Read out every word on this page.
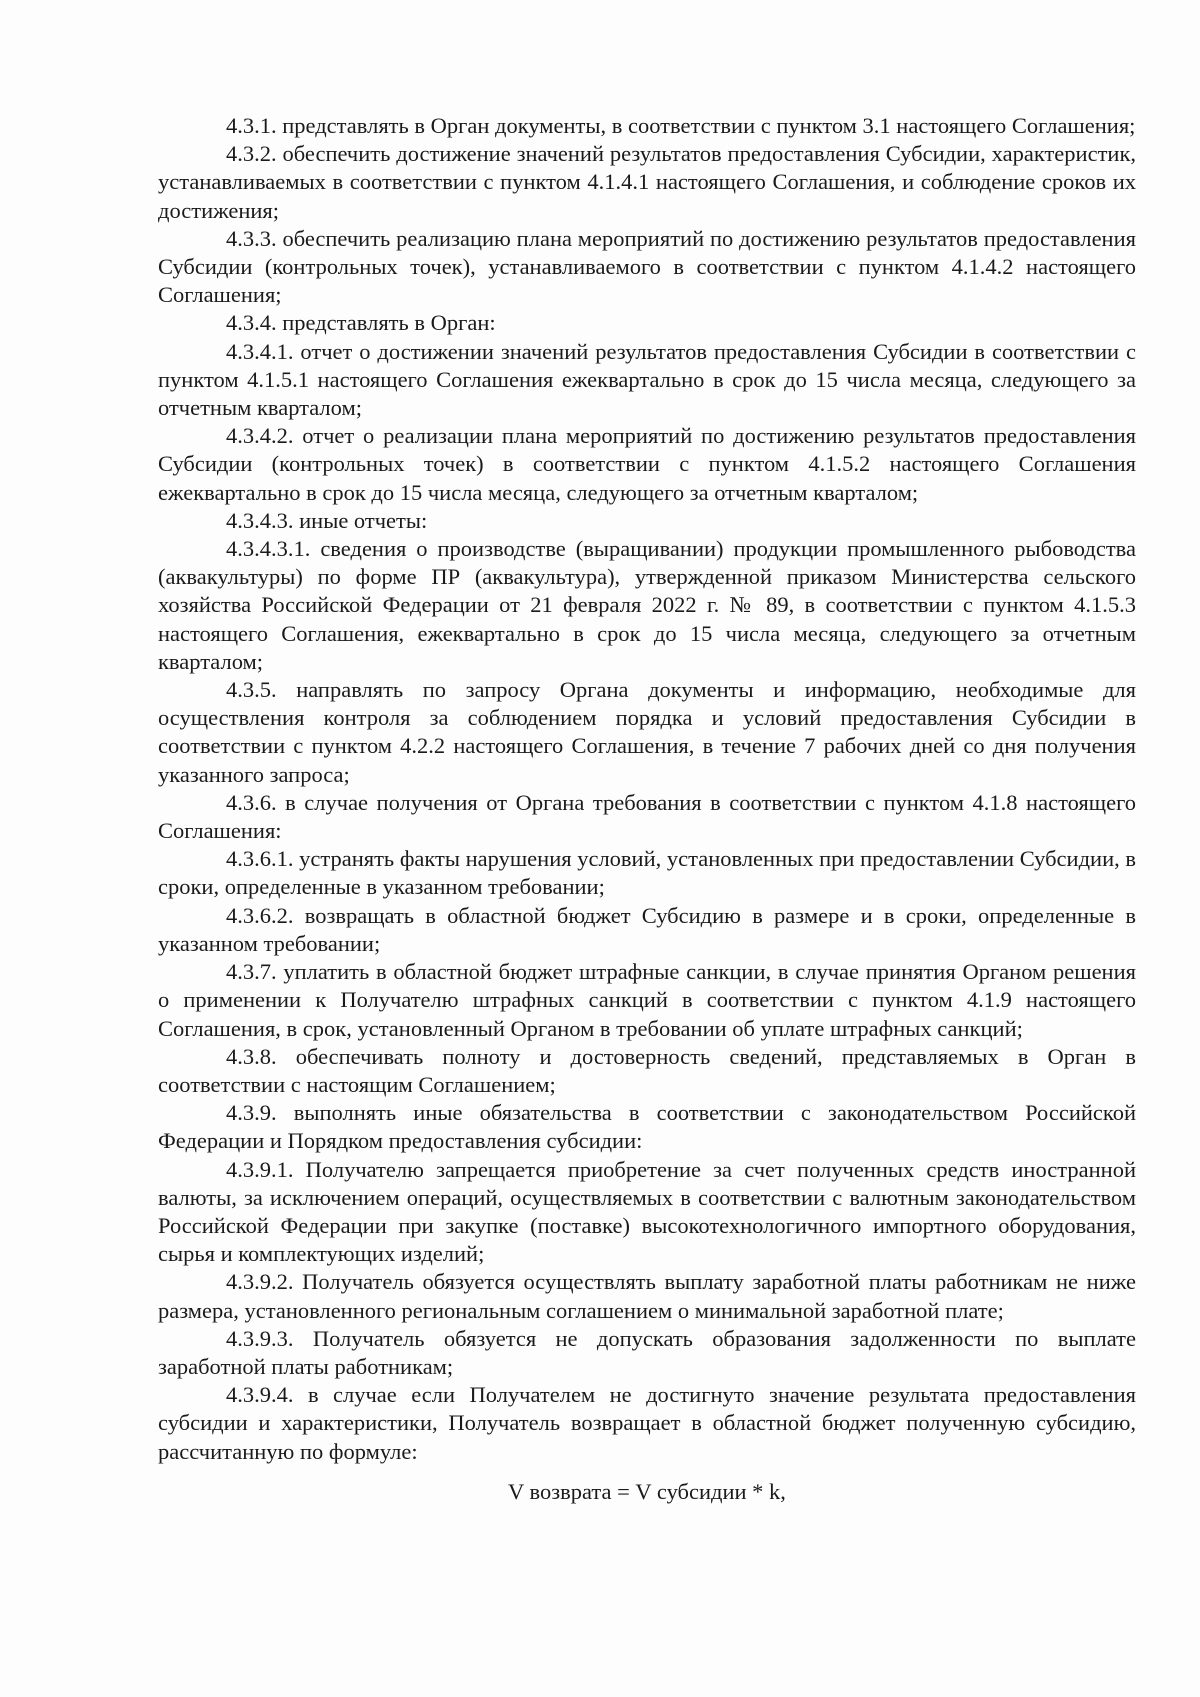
4.3.1. представлять в Орган документы, в соответствии с пунктом 3.1 настоящего Соглашения;

4.3.2. обеспечить достижение значений результатов предоставления Субсидии, характеристик, устанавливаемых в соответствии с пунктом 4.1.4.1 настоящего Соглашения, и соблюдение сроков их достижения;

4.3.3. обеспечить реализацию плана мероприятий по достижению результатов предоставления Субсидии (контрольных точек), устанавливаемого в соответствии с пунктом 4.1.4.2 настоящего Соглашения;

4.3.4. представлять в Орган:

4.3.4.1. отчет о достижении значений результатов предоставления Субсидии в соответствии с пунктом 4.1.5.1 настоящего Соглашения ежеквартально в срок до 15 числа месяца, следующего за отчетным кварталом;

4.3.4.2. отчет о реализации плана мероприятий по достижению результатов предоставления Субсидии (контрольных точек) в соответствии с пунктом 4.1.5.2 настоящего Соглашения ежеквартально в срок до 15 числа месяца, следующего за отчетным кварталом;

4.3.4.3. иные отчеты:

4.3.4.3.1. сведения о производстве (выращивании) продукции промышленного рыбоводства (аквакультуры) по форме ПР (аквакультура), утвержденной приказом Министерства сельского хозяйства Российской Федерации от 21 февраля 2022 г. № 89, в соответствии с пунктом 4.1.5.3 настоящего Соглашения, ежеквартально в срок до 15 числа месяца, следующего за отчетным кварталом;

4.3.5. направлять по запросу Органа документы и информацию, необходимые для осуществления контроля за соблюдением порядка и условий предоставления Субсидии в соответствии с пунктом 4.2.2 настоящего Соглашения, в течение 7 рабочих дней со дня получения указанного запроса;

4.3.6. в случае получения от Органа требования в соответствии с пунктом 4.1.8 настоящего Соглашения:

4.3.6.1. устранять факты нарушения условий, установленных при предоставлении Субсидии, в сроки, определенные в указанном требовании;

4.3.6.2. возвращать в областной бюджет Субсидию в размере и в сроки, определенные в указанном требовании;

4.3.7. уплатить в областной бюджет штрафные санкции, в случае принятия Органом решения о применении к Получателю штрафных санкций в соответствии с пунктом 4.1.9 настоящего Соглашения, в срок, установленный Органом в требовании об уплате штрафных санкций;

4.3.8. обеспечивать полноту и достоверность сведений, представляемых в Орган в соответствии с настоящим Соглашением;

4.3.9. выполнять иные обязательства в соответствии с законодательством Российской Федерации и Порядком предоставления субсидии:

4.3.9.1. Получателю запрещается приобретение за счет полученных средств иностранной валюты, за исключением операций, осуществляемых в соответствии с валютным законодательством Российской Федерации при закупке (поставке) высокотехнологичного импортного оборудования, сырья и комплектующих изделий;

4.3.9.2. Получатель обязуется осуществлять выплату заработной платы работникам не ниже размера, установленного региональным соглашением о минимальной заработной плате;

4.3.9.3. Получатель обязуется не допускать образования задолженности по выплате заработной платы работникам;

4.3.9.4. в случае если Получателем не достигнуто значение результата предоставления субсидии и характеристики, Получатель возвращает в областной бюджет полученную субсидию, рассчитанную по формуле:

V возврата = V субсидии * k,
